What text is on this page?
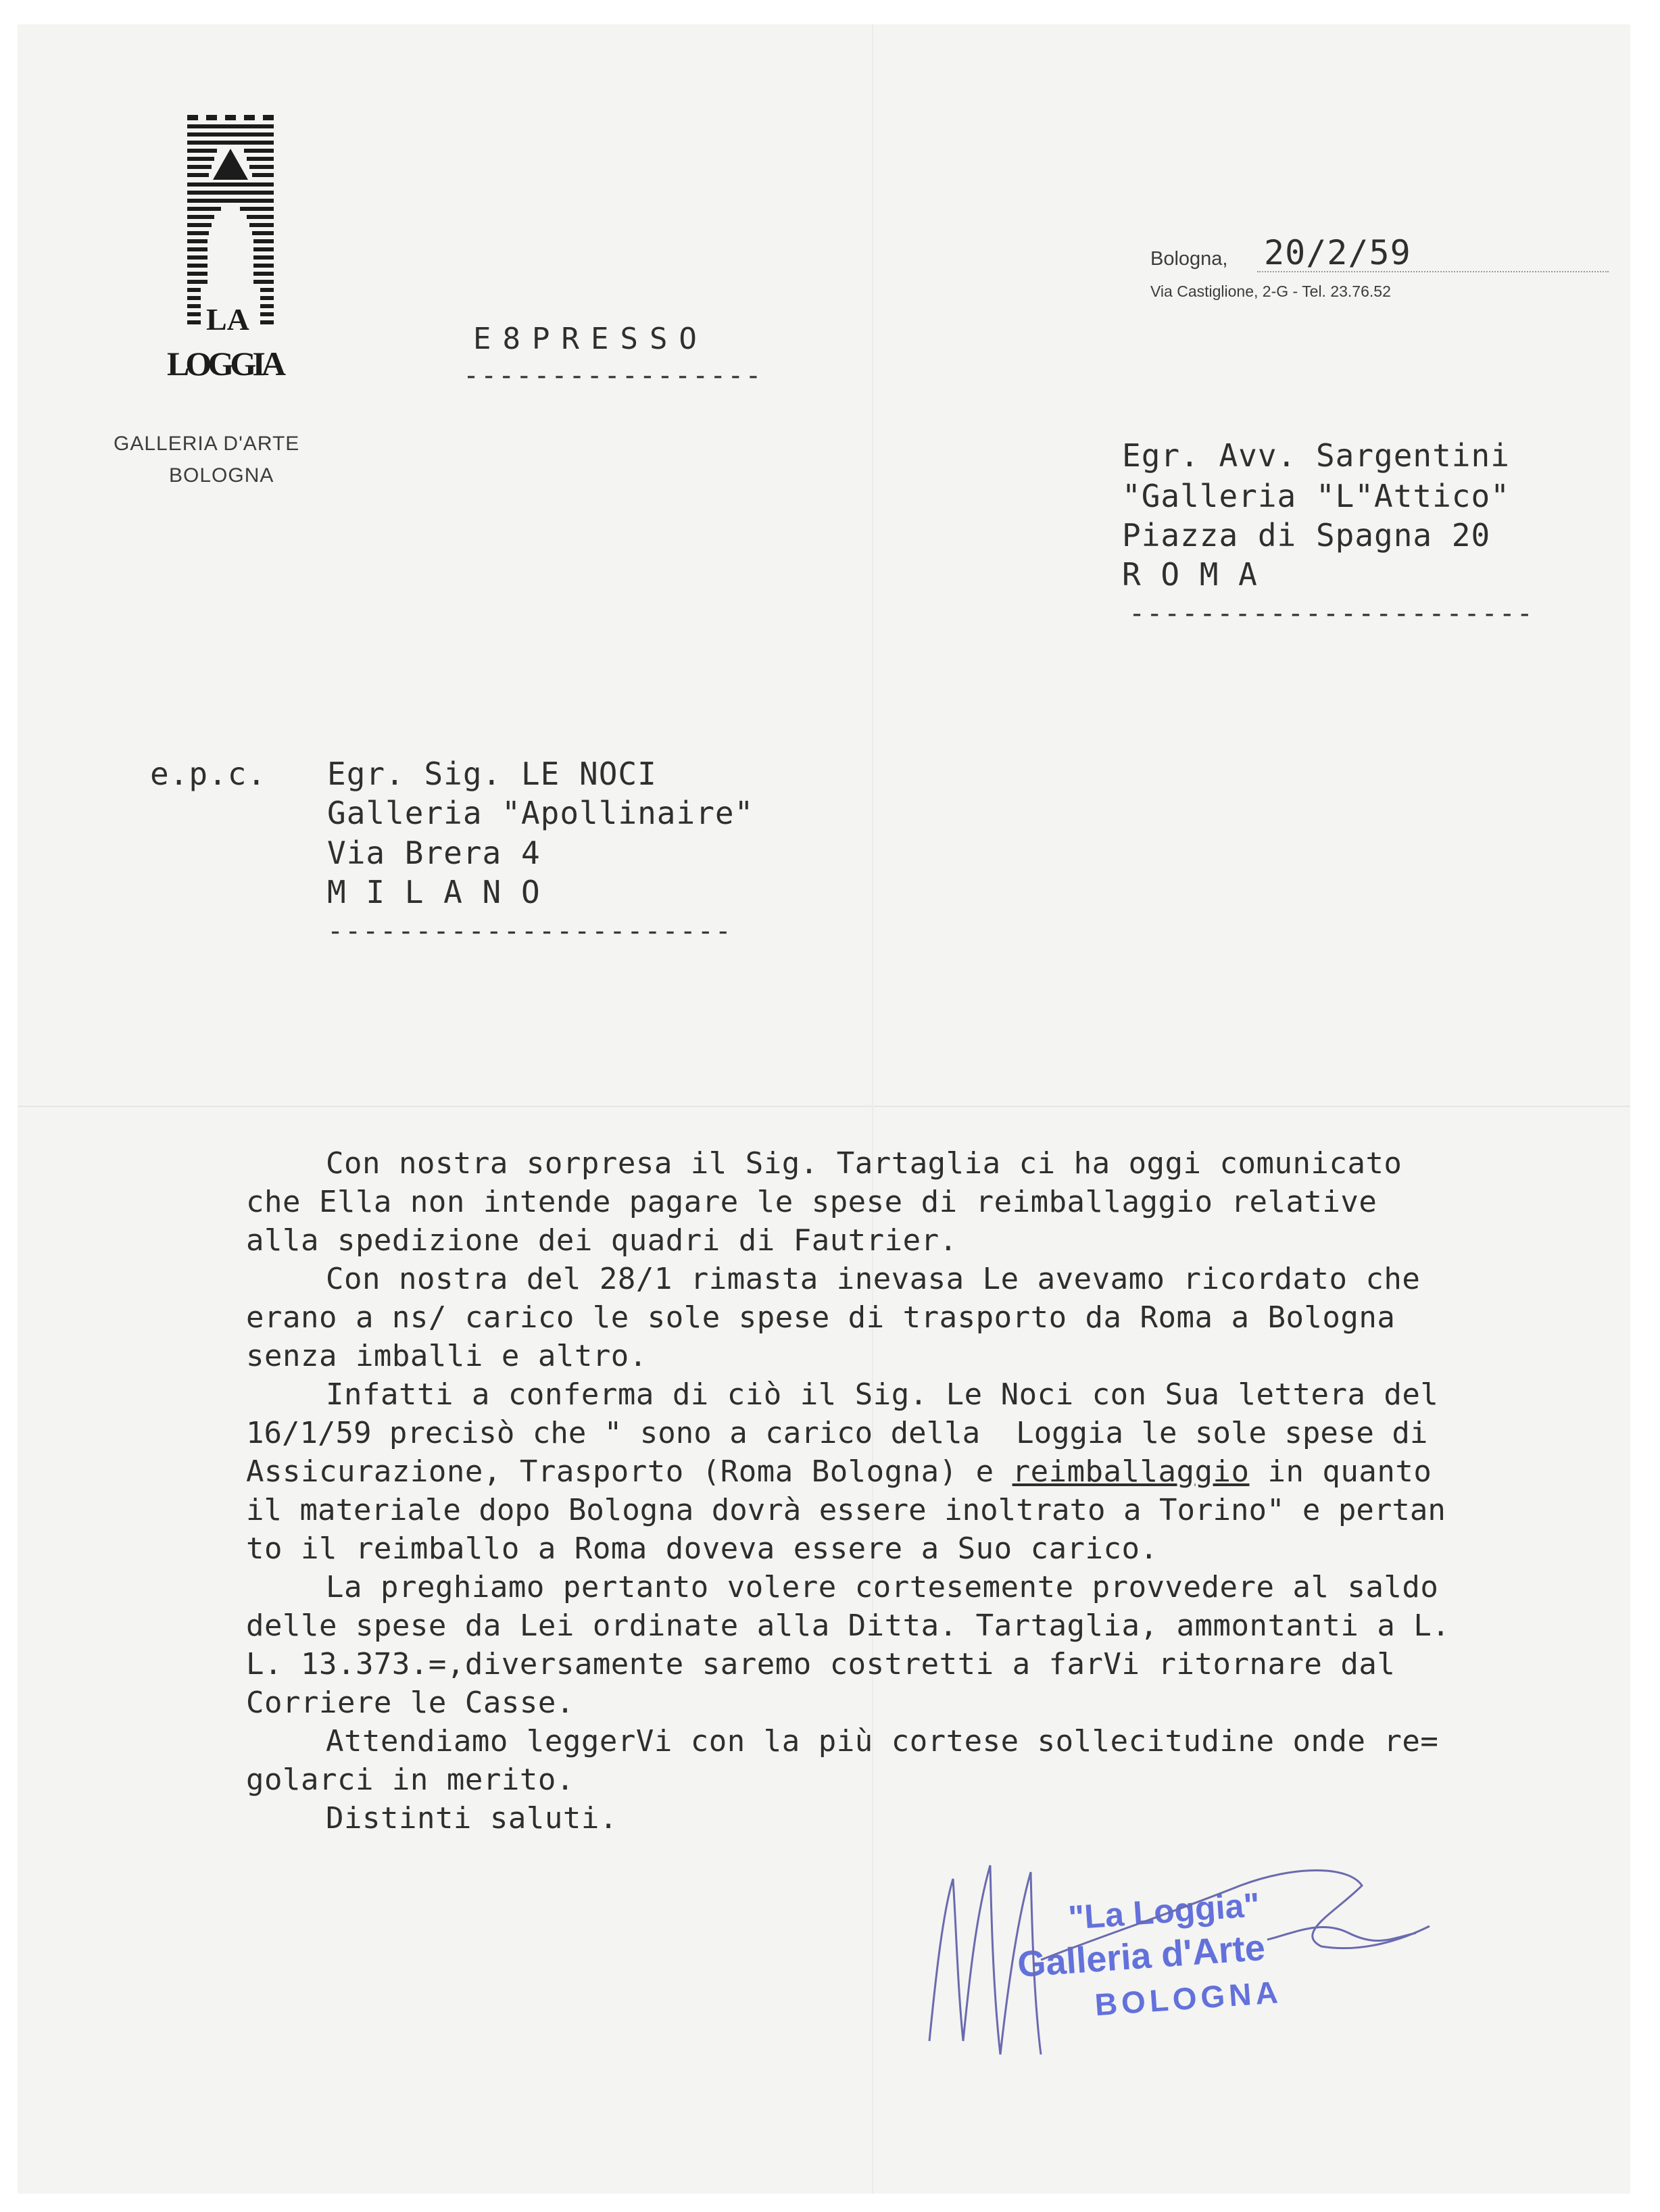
LA
LOGGIA
GALLERIA D'ARTE
BOLOGNA
Bologna, 20/2/59
Via Castiglione, 2-G - Tel. 23.76.52
E8PRESSO
-----------------
Egr. Avv. Sargentini
"Galleria "L"Attico"
Piazza di Spagna 20
R O M A
-----------------------
e.p.c. Egr. Sig. LE NOCI
Galleria "Apollinaire"
Via Brera 4
M I L A N O
-----------------------
Con nostra sorpresa il Sig. Tartaglia ci ha oggi comunicato
che Ella non intende pagare le spese di reimballaggio relative
alla spedizione dei quadri di Fautrier.
Con nostra del 28/1 rimasta inevasa Le avevamo ricordato che
erano a ns/ carico le sole spese di trasporto da Roma a Bologna
senza imballi e altro.
Infatti a conferma di ciò il Sig. Le Noci con Sua lettera del
16/1/59 precisò che " sono a carico della  Loggia le sole spese di
Assicurazione, Trasporto (Roma Bologna) e reimballaggio in quanto
il materiale dopo Bologna dovrà essere inoltrato a Torino" e pertan
to il reimballo a Roma doveva essere a Suo carico.
La preghiamo pertanto volere cortesemente provvedere al saldo
delle spese da Lei ordinate alla Ditta. Tartaglia, ammontanti a L.
L. 13.373.=,diversamente saremo costretti a farVi ritornare dal
Corriere le Casse.
Attendiamo leggerVi con la più cortese sollecitudine onde re=
golarci in merito.
Distinti saluti.
"La Loggia"
Galleria d'Arte
BOLOGNA
